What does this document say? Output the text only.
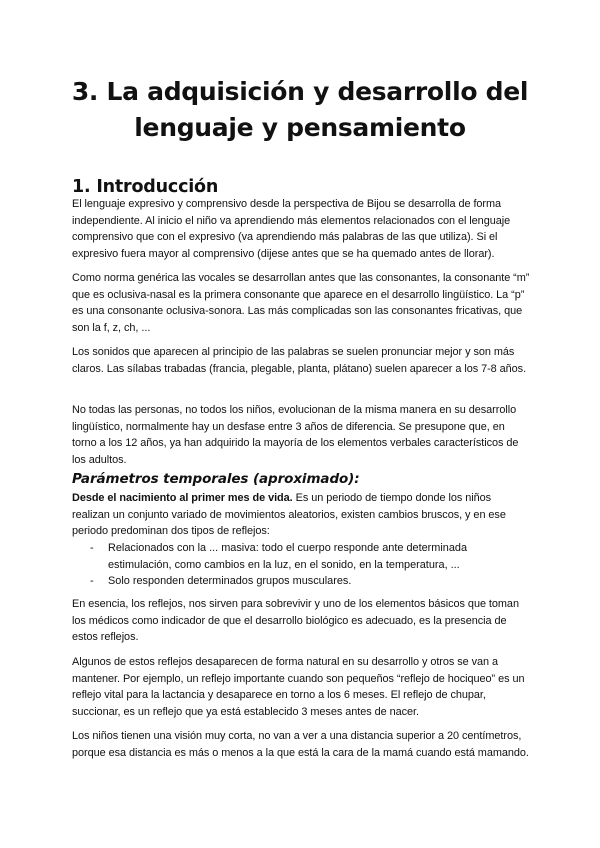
3. La adquisición y desarrollo del lenguaje y pensamiento
1. Introducción

El lenguaje expresivo y comprensivo desde la perspectiva de Bijou se desarrolla de forma independiente. Al inicio el niño va aprendiendo más elementos relacionados con el lenguaje comprensivo que con el expresivo (va aprendiendo más palabras de las que utiliza). Si el expresivo fuera mayor al comprensivo (dijese antes que se ha quemado antes de llorar).

Como norma genérica las vocales se desarrollan antes que las consonantes, la consonante “m” que es oclusiva-nasal es la primera consonante que aparece en el desarrollo lingüístico. La “p” es una consonante oclusiva-sonora. Las más complicadas son las consonantes fricativas, que son la f, z, ch, ...

Los sonidos que aparecen al principio de las palabras se suelen pronunciar mejor y son más claros. Las sílabas trabadas (francia, plegable, planta, plátano) suelen aparecer a los 7-8 años.

No todas las personas, no todos los niños, evolucionan de la misma manera en su desarrollo lingüístico, normalmente hay un desfase entre 3 años de diferencia. Se presupone que, en torno a los 12 años, ya han adquirido la mayoría de los elementos verbales característicos de los adultos.

Parámetros temporales (aproximado):

Desde el nacimiento al primer mes de vida. Es un periodo de tiempo donde los niños realizan un conjunto variado de movimientos aleatorios, existen cambios bruscos, y en ese periodo predominan dos tipos de reflejos:

- Relacionados con la ... masiva: todo el cuerpo responde ante determinada estimulación, como cambios en la luz, en el sonido, en la temperatura, ...
- Solo responden determinados grupos musculares.

En esencia, los reflejos, nos sirven para sobrevivir y uno de los elementos básicos que toman los médicos como indicador de que el desarrollo biológico es adecuado, es la presencia de estos reflejos.

Algunos de estos reflejos desaparecen de forma natural en su desarrollo y otros se van a mantener. Por ejemplo, un reflejo importante cuando son pequeños “reflejo de hociqueo” es un reflejo vital para la lactancia y desaparece en torno a los 6 meses. El reflejo de chupar, succionar, es un reflejo que ya está establecido 3 meses antes de nacer.

Los niños tienen una visión muy corta, no van a ver a una distancia superior a 20 centímetros, porque esa distancia es más o menos a la que está la cara de la mamá cuando está mamando.
